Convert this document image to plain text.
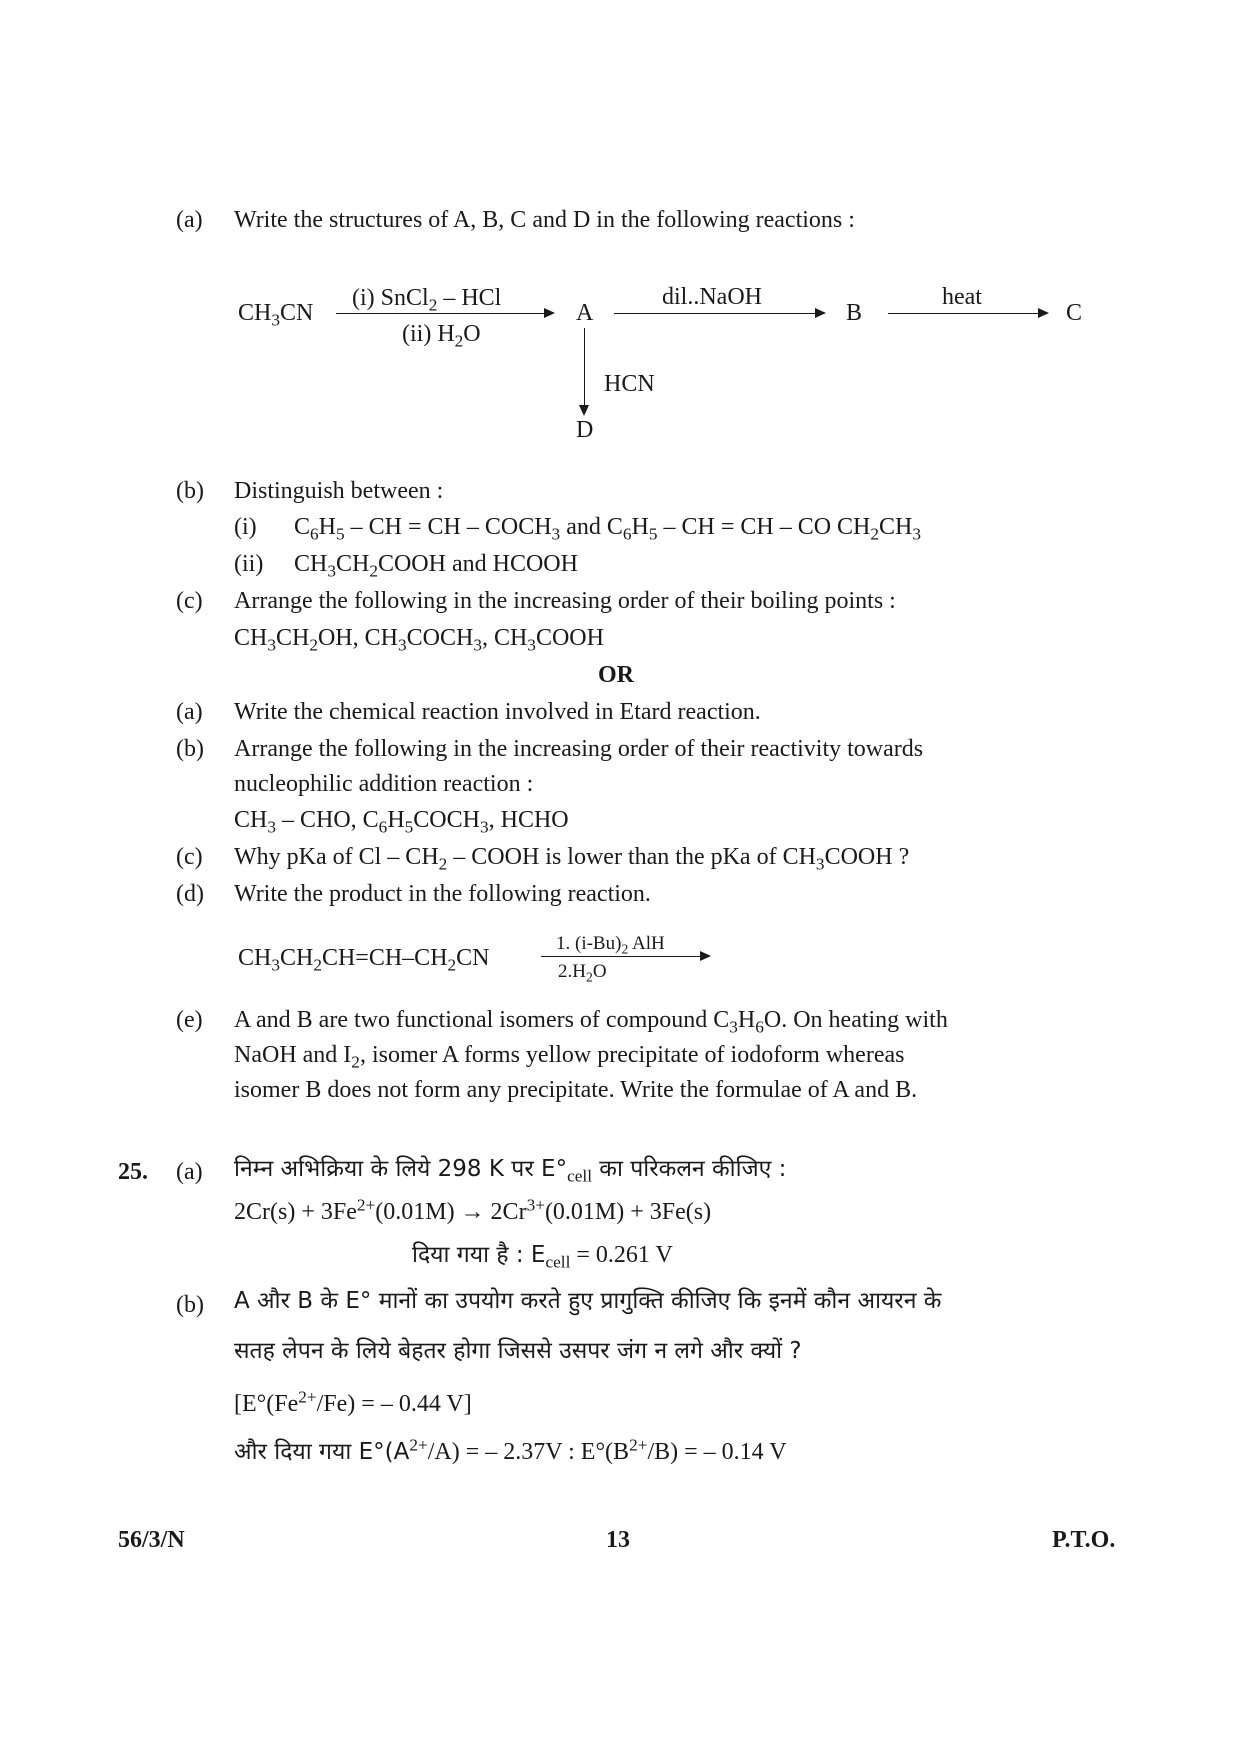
(a) Write the structures of A, B, C and D in the following reactions :
$CH_3CN$
(i) SnCl$_2$ – HCl
(ii) $H_2O$
A
dil..NaOH
B
heat
C
HCN
D
(b) Distinguish between :
(i) $C_6H_5$ – CH = CH – $COCH_3$ and $C_6H_5$ – CH = CH – CO $CH_2CH_3$
(ii) $CH_3CH_2COOH$ and HCOOH
(c) Arrange the following in the increasing order of their boiling points :
$CH_3CH_2OH$, $CH_3COCH_3$, $CH_3COOH$
OR
(a) Write the chemical reaction involved in Etard reaction.
(b) Arrange the following in the increasing order of their reactivity towards
nucleophilic addition reaction :
$CH_3$ – CHO, $C_6H_5COCH_3$, HCHO
(c) Why pKa of Cl – $CH_2$ – COOH is lower than the pKa of $CH_3COOH$ ?
(d) Write the product in the following reaction.
$CH_3CH_2CH=CH-CH_2CN$
1. $(i-Bu)_2$ AlH
$2.H_2O$
(e) A and B are two functional isomers of compound $C_3H_6O$. On heating with
NaOH and $I_2$, isomer A forms yellow precipitate of iodoform whereas
isomer B does not form any precipitate. Write the formulae of A and B.
25. (a) निम्न अभिक्रिया के लिये 298 K पर $E^\circ_{cell}$ का परिकलन कीजिए :
$2Cr(s) + 3Fe^{2+}(0.01M) \to 2Cr^{3+}(0.01M) + 3Fe(s)$
दिया गया है : $E_{cell} = 0.261$ V
(b) A और B के E° मानों का उपयोग करते हुए प्रागुक्ति कीजिए कि इनमें कौन आयरन के
सतह लेपन के लिये बेहतर होगा जिससे उसपर जंग न लगे और क्यों ?
[$E^\circ(Fe^{2+}/Fe)$ = – 0.44 V]
और दिया गया $E^\circ(A^{2+}/A)$ = – 2.37V : $E^\circ(B^{2+}/B)$ = – 0.14 V
56/3/N	13	P.T.O.
